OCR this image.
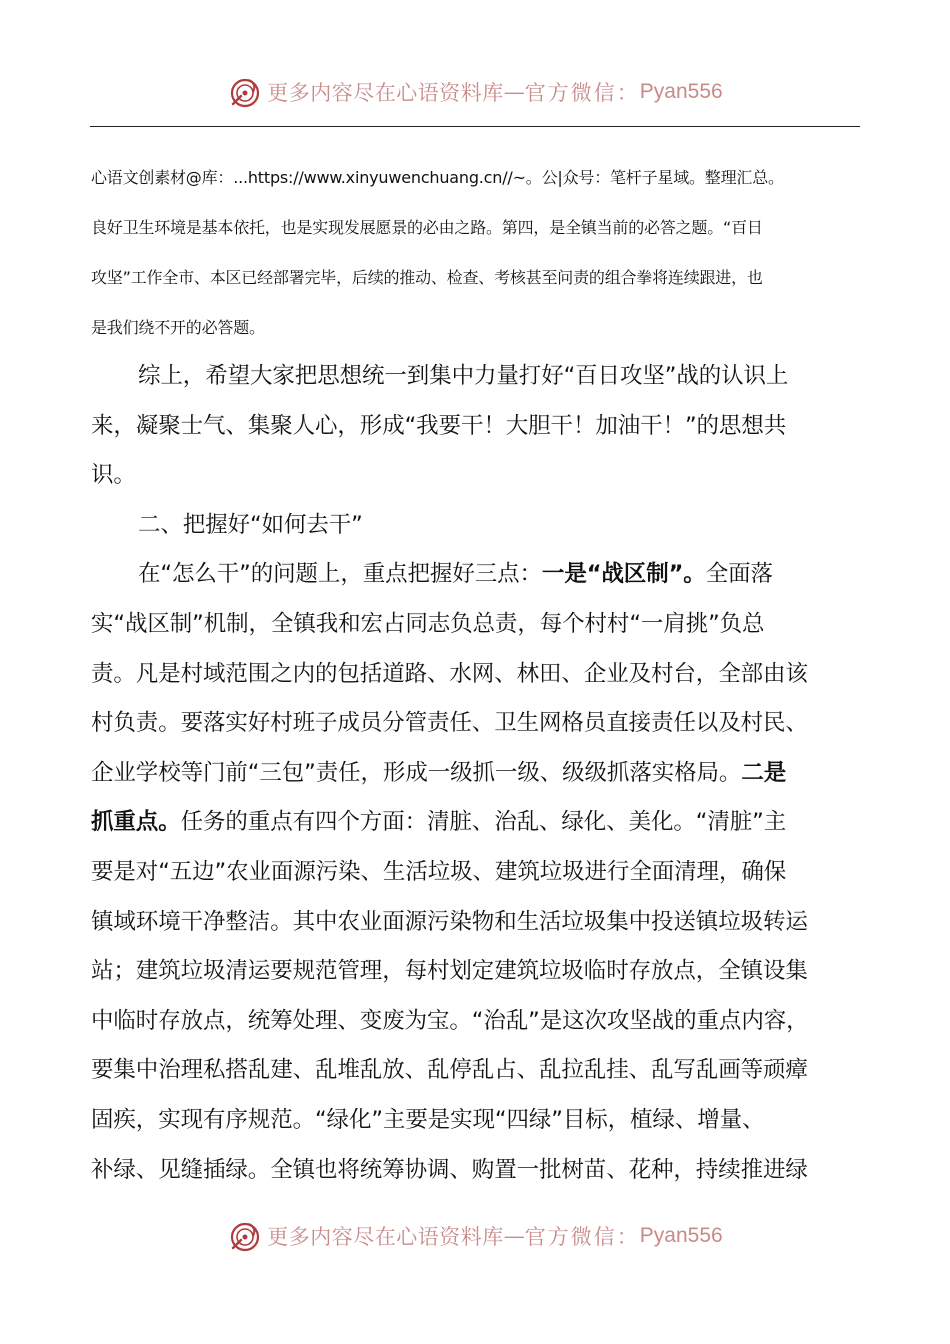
更多内容尽在心语资料库 — 官方微信： Pyan556

心语文创素材@库：...https://www.xinyuwenchuang.cn//~。公|众号：笔杆子星域。整理汇总。

良好卫生环境是基本依托，也是实现发展愿景的必由之路。第四，是全镇当前的必答之题。“百日

攻坚”工作全市、本区已经部署完毕，后续的推动、检查、考核甚至问责的组合拳将连续跟进，也

是我们绕不开的必答题。

综上，希望大家把思想统一到集中力量打好“百日攻坚”战的认识上
来，凝聚士气、集聚人心，形成“我要干！大胆干！加油干！”的思想共
识。
二、把握好“如何去干”
在“怎么干”的问题上，重点把握好三点：一是“战区制”。全面落
实“战区制”机制，全镇我和宏占同志负总责，每个村村“一肩挑”负总
责。凡是村域范围之内的包括道路、水网、林田、企业及村台，全部由该
村负责。要落实好村班子成员分管责任、卫生网格员直接责任以及村民、
企业学校等门前“三包”责任，形成一级抓一级、级级抓落实格局。二是
抓重点。任务的重点有四个方面：清脏、治乱、绿化、美化。“清脏”主
要是对“五边”农业面源污染、生活垃圾、建筑垃圾进行全面清理，确保
镇域环境干净整洁。其中农业面源污染物和生活垃圾集中投送镇垃圾转运
站；建筑垃圾清运要规范管理，每村划定建筑垃圾临时存放点，全镇设集
中临时存放点，统筹处理、变废为宝。“治乱”是这次攻坚战的重点内容，
要集中治理私搭乱建、乱堆乱放、乱停乱占、乱拉乱挂、乱写乱画等顽瘴
固疾，实现有序规范。“绿化”主要是实现“四绿”目标，植绿、增量、
补绿、见缝插绿。全镇也将统筹协调、购置一批树苗、花种，持续推进绿
更多内容尽在心语资料库 — 官方微信： Pyan556
